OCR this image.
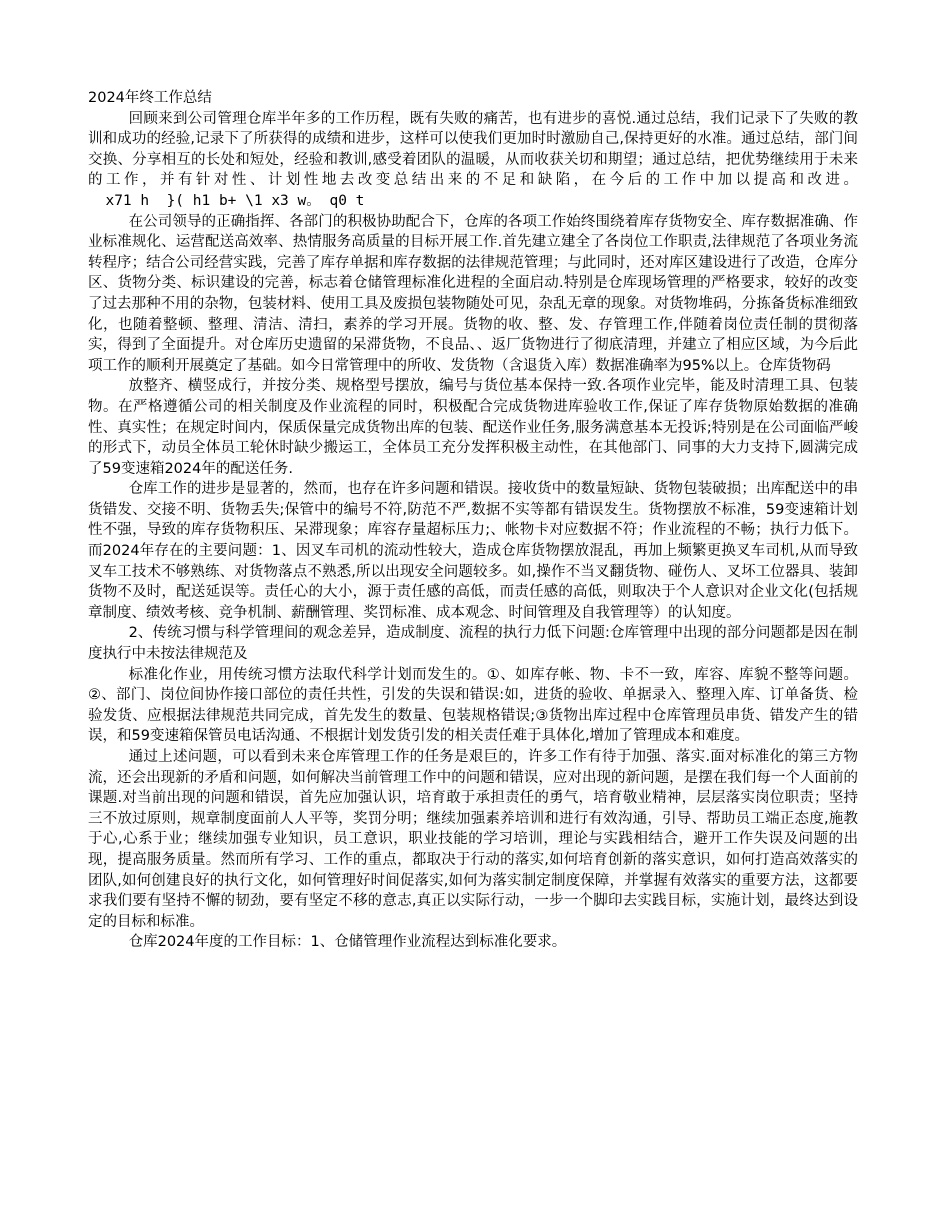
2024年终工作总结

回顾来到公司管理仓库半年多的工作历程，既有失败的痛苦，也有进步的喜悦.通过总结，我们记录下了失败的教训和成功的经验,记录下了所获得的成绩和进步，这样可以使我们更加时时激励自己,保持更好的水准。通过总结，部门间交换、分享相互的长处和短处，经验和教训,感受着团队的温暖，从而收获关切和期望；通过总结，把优势继续用于未来的工作，并有针对性、计划性地去改变总结出来的不足和缺陷，在今后的工作中加以提高和改进。  x71 h  }( h1 b+ \1 x3 w。 q0 t

在公司领导的正确指挥、各部门的积极协助配合下，仓库的各项工作始终围绕着库存货物安全、库存数据准确、作业标准规化、运营配送高效率、热情服务高质量的目标开展工作.首先建立建全了各岗位工作职责,法律规范了各项业务流转程序；结合公司经营实践，完善了库存单据和库存数据的法律规范管理；与此同时，还对库区建设进行了改造，仓库分区、货物分类、标识建设的完善，标志着仓储管理标准化进程的全面启动.特别是仓库现场管理的严格要求，较好的改变了过去那种不用的杂物，包装材料、使用工具及废损包装物随处可见，杂乱无章的现象。对货物堆码，分拣备货标准细致化，也随着整顿、整理、清洁、清扫，素养的学习开展。货物的收、整、发、存管理工作,伴随着岗位责任制的贯彻落实，得到了全面提升。对仓库历史遗留的呆滞货物，不良品、、返厂货物进行了彻底清理，并建立了相应区域，为今后此项工作的顺利开展奠定了基础。如今日常管理中的所收、发货物（含退货入库）数据准确率为95%以上。仓库货物码

放整齐、横竖成行，并按分类、规格型号摆放，编号与货位基本保持一致.各项作业完毕，能及时清理工具、包装物。在严格遵循公司的相关制度及作业流程的同时，积极配合完成货物进库验收工作,保证了库存货物原始数据的准确性、真实性；在规定时间内，保质保量完成货物出库的包装、配送作业任务,服务满意基本无投诉;特别是在公司面临严峻的形式下，动员全体员工轮休时缺少搬运工，全体员工充分发挥积极主动性，在其他部门、同事的大力支持下,圆满完成了59变速箱2024年的配送任务.

仓库工作的进步是显著的，然而，也存在许多问题和错误。接收货中的数量短缺、货物包装破损；出库配送中的串货错发、交接不明、货物丢失;保管中的编号不符,防范不严,数据不实等都有错误发生。货物摆放不标准，59变速箱计划性不强，导致的库存货物积压、呆滞现象；库容存量超标压力;、帐物卡对应数据不符；作业流程的不畅；执行力低下。而2024年存在的主要问题：1、因叉车司机的流动性较大，造成仓库货物摆放混乱，再加上频繁更换叉车司机,从而导致叉车工技术不够熟练、对货物落点不熟悉,所以出现安全问题较多。如,操作不当叉翻货物、碰伤人、叉坏工位器具、装卸货物不及时，配送延误等。责任心的大小，源于责任感的高低，而责任感的高低，则取决于个人意识对企业文化(包括规章制度、绩效考核、竞争机制、薪酬管理、奖罚标准、成本观念、时间管理及自我管理等）的认知度。

2、传统习惯与科学管理间的观念差异，造成制度、流程的执行力低下问题:仓库管理中出现的部分问题都是因在制度执行中未按法律规范及

标准化作业，用传统习惯方法取代科学计划而发生的。①、如库存帐、物、卡不一致，库容、库貌不整等问题。②、部门、岗位间协作接口部位的责任共性，引发的失误和错误:如，进货的验收、单据录入、整理入库、订单备货、检验发货、应根据法律规范共同完成，首先发生的数量、包装规格错误;③货物出库过程中仓库管理员串货、错发产生的错误，和59变速箱保管员电话沟通、不根据计划发货引发的相关责任难于具体化,增加了管理成本和难度。

通过上述问题，可以看到未来仓库管理工作的任务是艰巨的，许多工作有待于加强、落实.面对标准化的第三方物流，还会出现新的矛盾和问题，如何解决当前管理工作中的问题和错误，应对出现的新问题，是摆在我们每一个人面前的课题.对当前出现的问题和错误，首先应加强认识，培育敢于承担责任的勇气，培育敬业精神，层层落实岗位职责；坚持三不放过原则，规章制度面前人人平等，奖罚分明；继续加强素养培训和进行有效沟通，引导、帮助员工端正态度,施教于心,心系于业；继续加强专业知识，员工意识，职业技能的学习培训，理论与实践相结合，避开工作失误及问题的出现，提高服务质量。然而所有学习、工作的重点，都取决于行动的落实,如何培育创新的落实意识，如何打造高效落实的团队,如何创建良好的执行文化，如何管理好时间促落实,如何为落实制定制度保障，并掌握有效落实的重要方法，这都要求我们要有坚持不懈的韧劲，要有坚定不移的意志,真正以实际行动，一步一个脚印去实践目标，实施计划，最终达到设定的目标和标准。

仓库2024年度的工作目标：1、仓储管理作业流程达到标准化要求。
